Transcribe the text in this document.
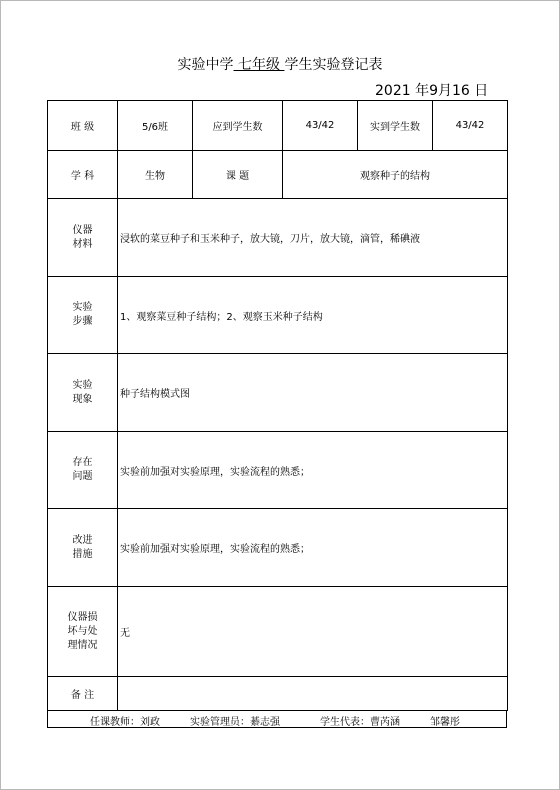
实验中学 七年级 学生实验登记表
2021 年9月16 日
班 级	5/6班	应到学生数	43/42	实到学生数	43/42
学 科	生物	课 题	观察种子的结构		

仪器
材料	浸软的菜豆种子和玉米种子，放大镜，刀片，放大镜，滴管，稀碘液				

实验
步骤	1、观察菜豆种子结构；2、观察玉米种子结构				

实验
现象	种子结构模式图				

存在
问题	实验前加强对实验原理，实验流程的熟悉；				

改进
措施	实验前加强对实验原理，实验流程的熟悉；				

仪器损
坏与处
理情况	无				
备 注					
任课教师：刘政	实验管理员：綦志强	学生代表：曹芮涵	邹馨彤
